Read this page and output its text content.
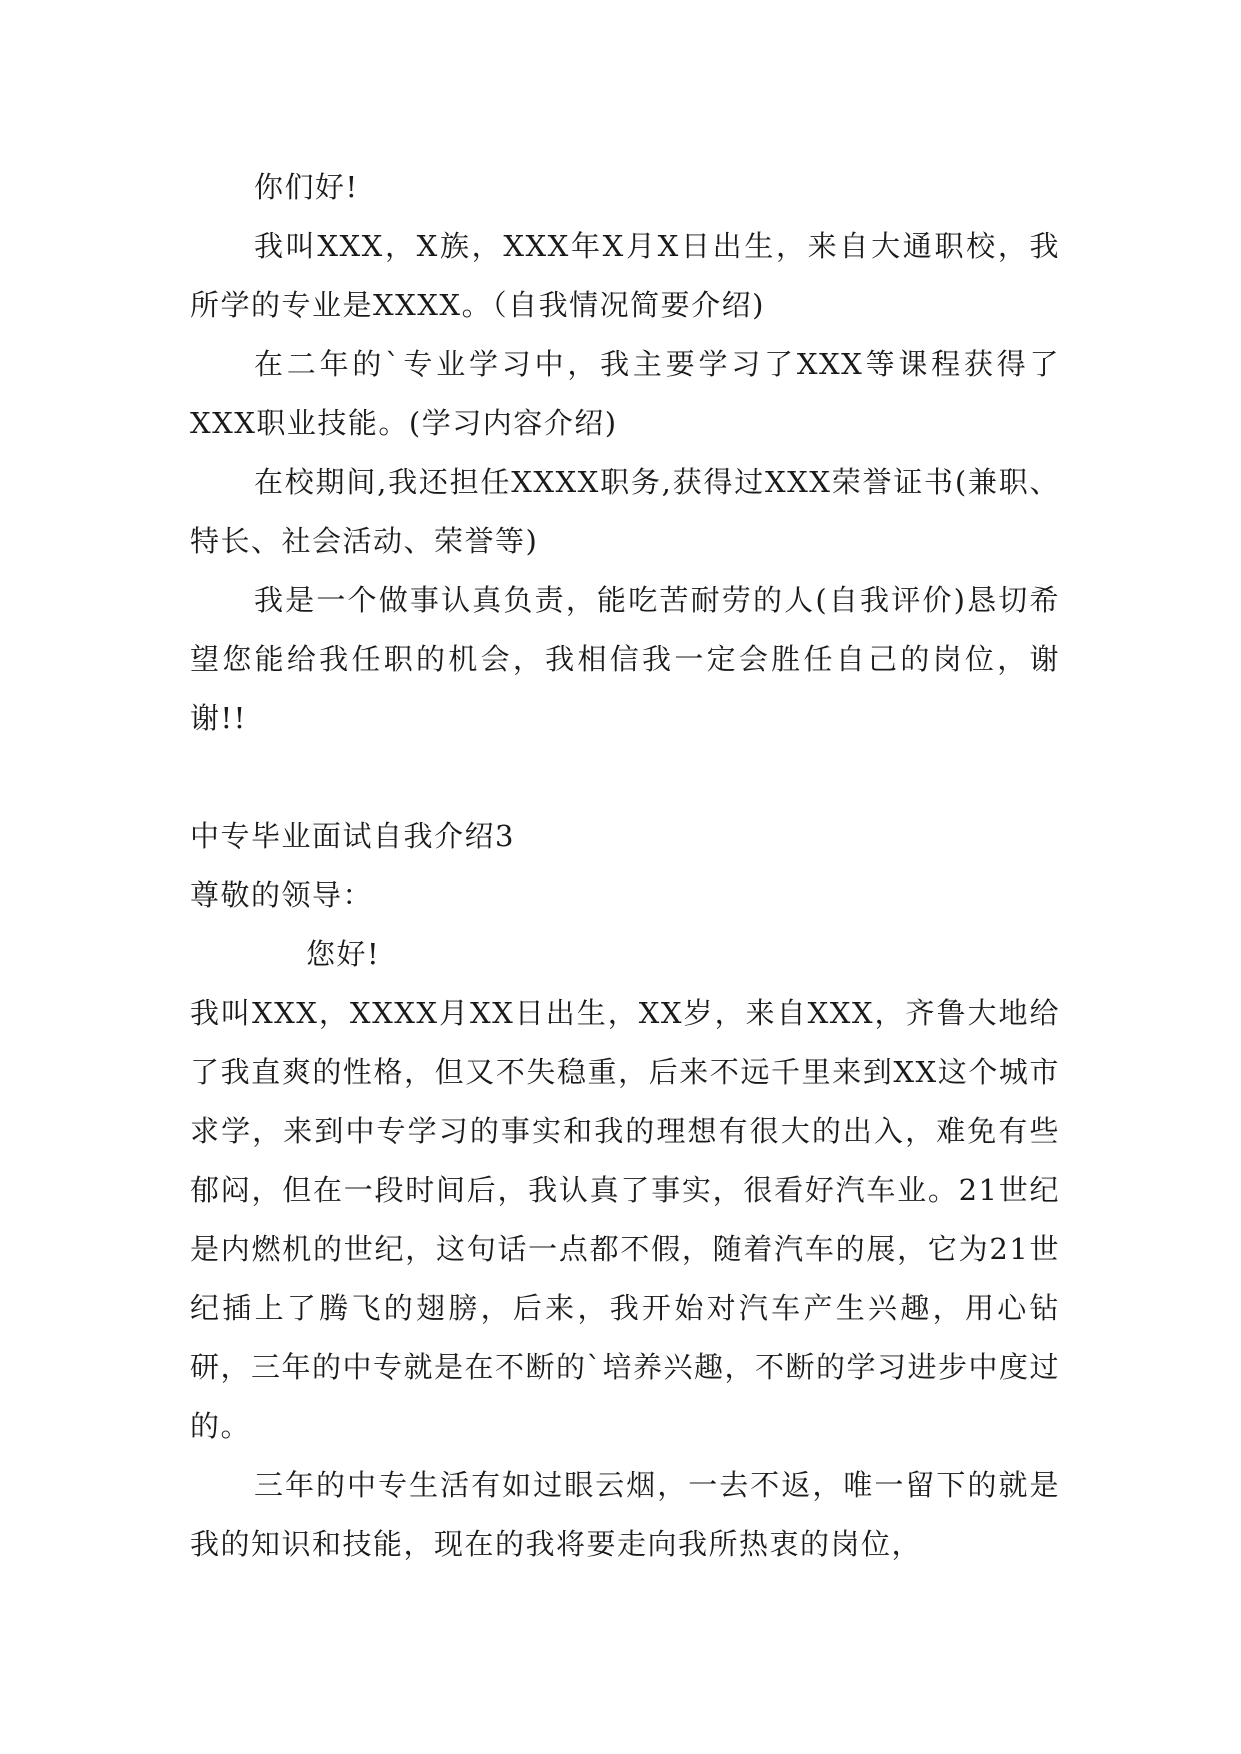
你们好!

我叫XXX，X族，XXX年X月X日出生，来自大通职校，我所学的专业是XXXX。（自我情况简要介绍)

在二年的`专业学习中，我主要学习了XXX等课程获得了XXX职业技能。(学习内容介绍)

在校期间,我还担任XXXX职务,获得过XXX荣誉证书(兼职、特长、社会活动、荣誉等)

我是一个做事认真负责，能吃苦耐劳的人(自我评价)恳切希望您能给我任职的机会，我相信我一定会胜任自己的岗位，谢谢!!

中专毕业面试自我介绍3

尊敬的领导：

您好!

我叫XXX，XXXX月XX日出生，XX岁，来自XXX，齐鲁大地给了我直爽的性格，但又不失稳重，后来不远千里来到XX这个城市求学，来到中专学习的事实和我的理想有很大的出入，难免有些郁闷，但在一段时间后，我认真了事实，很看好汽车业。21世纪是内燃机的世纪，这句话一点都不假，随着汽车的展，它为21世纪插上了腾飞的翅膀，后来，我开始对汽车产生兴趣，用心钻研，三年的中专就是在不断的`培养兴趣，不断的学习进步中度过的。

三年的中专生活有如过眼云烟，一去不返，唯一留下的就是我的知识和技能，现在的我将要走向我所热衷的岗位，
